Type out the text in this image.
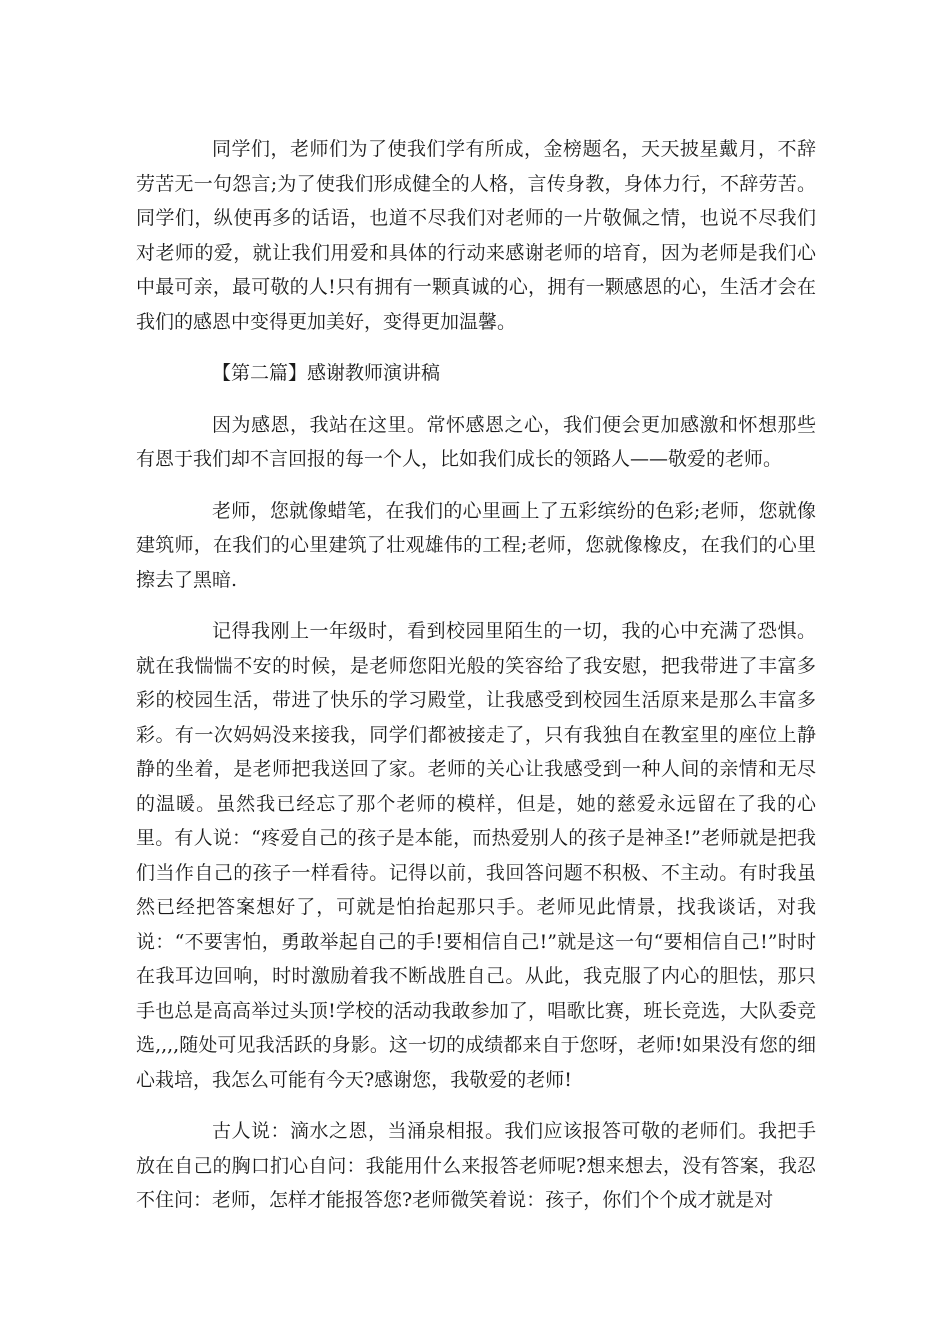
同学们，老师们为了使我们学有所成，金榜题名，天天披星戴月，不辞劳苦无一句怨言;为了使我们形成健全的人格，言传身教，身体力行，不辞劳苦。同学们，纵使再多的话语，也道不尽我们对老师的一片敬佩之情，也说不尽我们对老师的爱，就让我们用爱和具体的行动来感谢老师的培育，因为老师是我们心中最可亲，最可敬的人!只有拥有一颗真诚的心，拥有一颗感恩的心，生活才会在我们的感恩中变得更加美好，变得更加温馨。

【第二篇】感谢教师演讲稿

因为感恩，我站在这里。常怀感恩之心，我们便会更加感激和怀想那些有恩于我们却不言回报的每一个人，比如我们成长的领路人——敬爱的老师。

老师，您就像蜡笔，在我们的心里画上了五彩缤纷的色彩;老师，您就像建筑师，在我们的心里建筑了壮观雄伟的工程;老师，您就像橡皮，在我们的心里擦去了黑暗.

记得我刚上一年级时，看到校园里陌生的一切，我的心中充满了恐惧。就在我惴惴不安的时候，是老师您阳光般的笑容给了我安慰，把我带进了丰富多彩的校园生活，带进了快乐的学习殿堂，让我感受到校园生活原来是那么丰富多彩。有一次妈妈没来接我，同学们都被接走了，只有我独自在教室里的座位上静静的坐着，是老师把我送回了家。老师的关心让我感受到一种人间的亲情和无尽的温暖。虽然我已经忘了那个老师的模样，但是，她的慈爱永远留在了我的心里。有人说：“疼爱自己的孩子是本能，而热爱别人的孩子是神圣!”老师就是把我们当作自己的孩子一样看待。记得以前，我回答问题不积极、不主动。有时我虽然已经把答案想好了，可就是怕抬起那只手。老师见此情景，找我谈话，对我说：“不要害怕，勇敢举起自己的手!要相信自己!”就是这一句“要相信自己!”时时在我耳边回响，时时激励着我不断战胜自己。从此，我克服了内心的胆怯，那只手也总是高高举过头顶!学校的活动我敢参加了，唱歌比赛，班长竞选，大队委竞选,,,,随处可见我活跃的身影。这一切的成绩都来自于您呀，老师!如果没有您的细心栽培，我怎么可能有今天?感谢您，我敬爱的老师!

古人说：滴水之恩，当涌泉相报。我们应该报答可敬的老师们。我把手放在自己的胸口扪心自问：我能用什么来报答老师呢?想来想去，没有答案，我忍不住问：老师，怎样才能报答您?老师微笑着说：孩子，你们个个成才就是对
